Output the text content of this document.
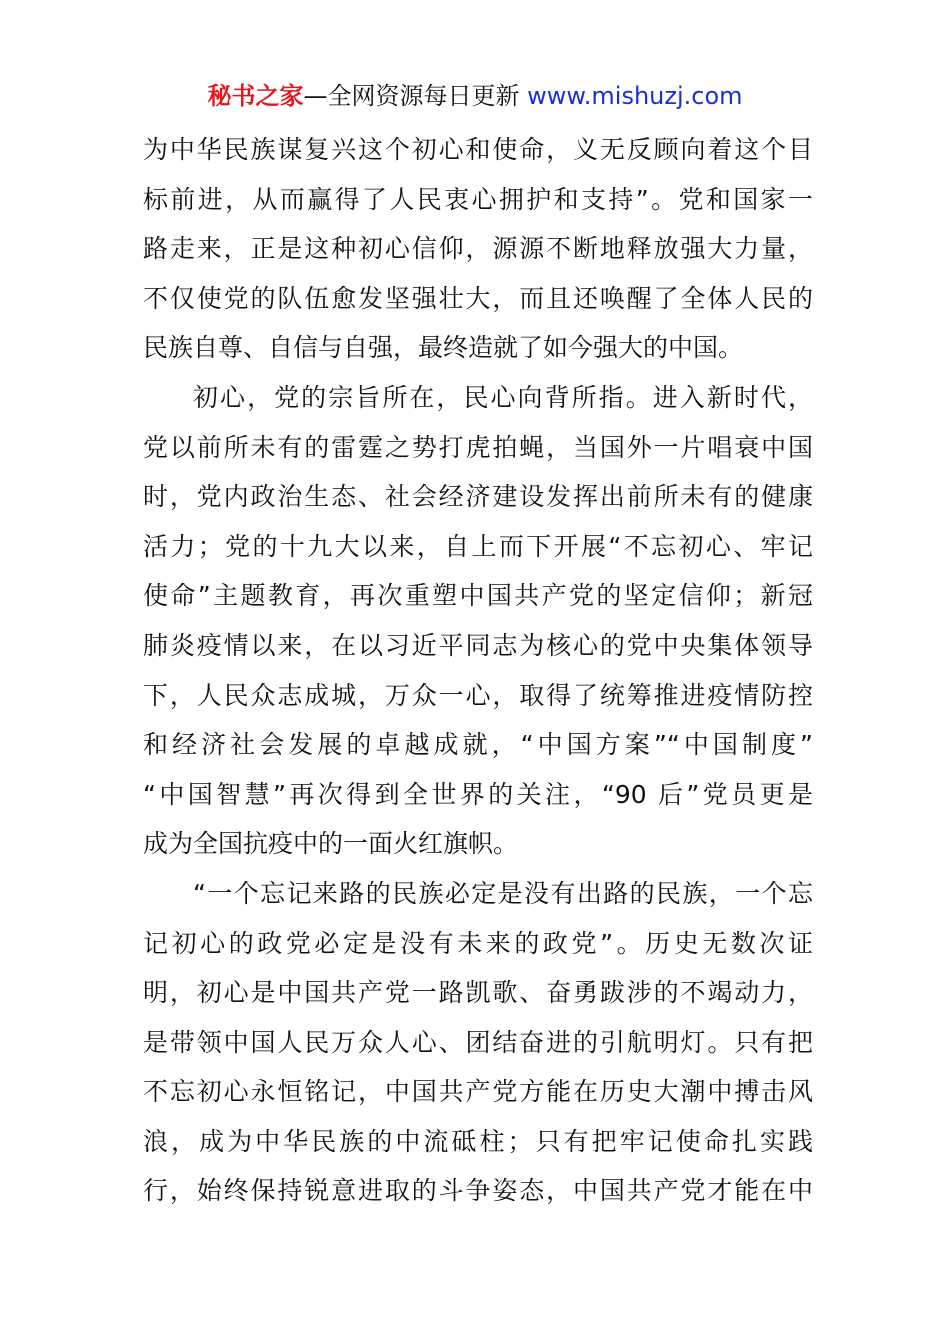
秘书之家—全网资源每日更新 www.mishuzj.com
为中华民族谋复兴这个初心和使命，义无反顾向着这个目
标前进，从而赢得了人民衷心拥护和支持”。党和国家一
路走来，正是这种初心信仰，源源不断地释放强大力量，
不仅使党的队伍愈发坚强壮大，而且还唤醒了全体人民的
民族自尊、自信与自强，最终造就了如今强大的中国。
初心，党的宗旨所在，民心向背所指。进入新时代，
党以前所未有的雷霆之势打虎拍蝇，当国外一片唱衰中国
时，党内政治生态、社会经济建设发挥出前所未有的健康
活力；党的十九大以来，自上而下开展“不忘初心、牢记
使命”主题教育，再次重塑中国共产党的坚定信仰；新冠
肺炎疫情以来，在以习近平同志为核心的党中央集体领导
下，人民众志成城，万众一心，取得了统筹推进疫情防控
和经济社会发展的卓越成就，“中国方案”“中国制度”
“中国智慧”再次得到全世界的关注，“90 后”党员更是
成为全国抗疫中的一面火红旗帜。
“一个忘记来路的民族必定是没有出路的民族，一个忘
记初心的政党必定是没有未来的政党”。历史无数次证
明，初心是中国共产党一路凯歌、奋勇跋涉的不竭动力，
是带领中国人民万众人心、团结奋进的引航明灯。只有把
不忘初心永恒铭记，中国共产党方能在历史大潮中搏击风
浪，成为中华民族的中流砥柱；只有把牢记使命扎实践
行，始终保持锐意进取的斗争姿态，中国共产党才能在中
